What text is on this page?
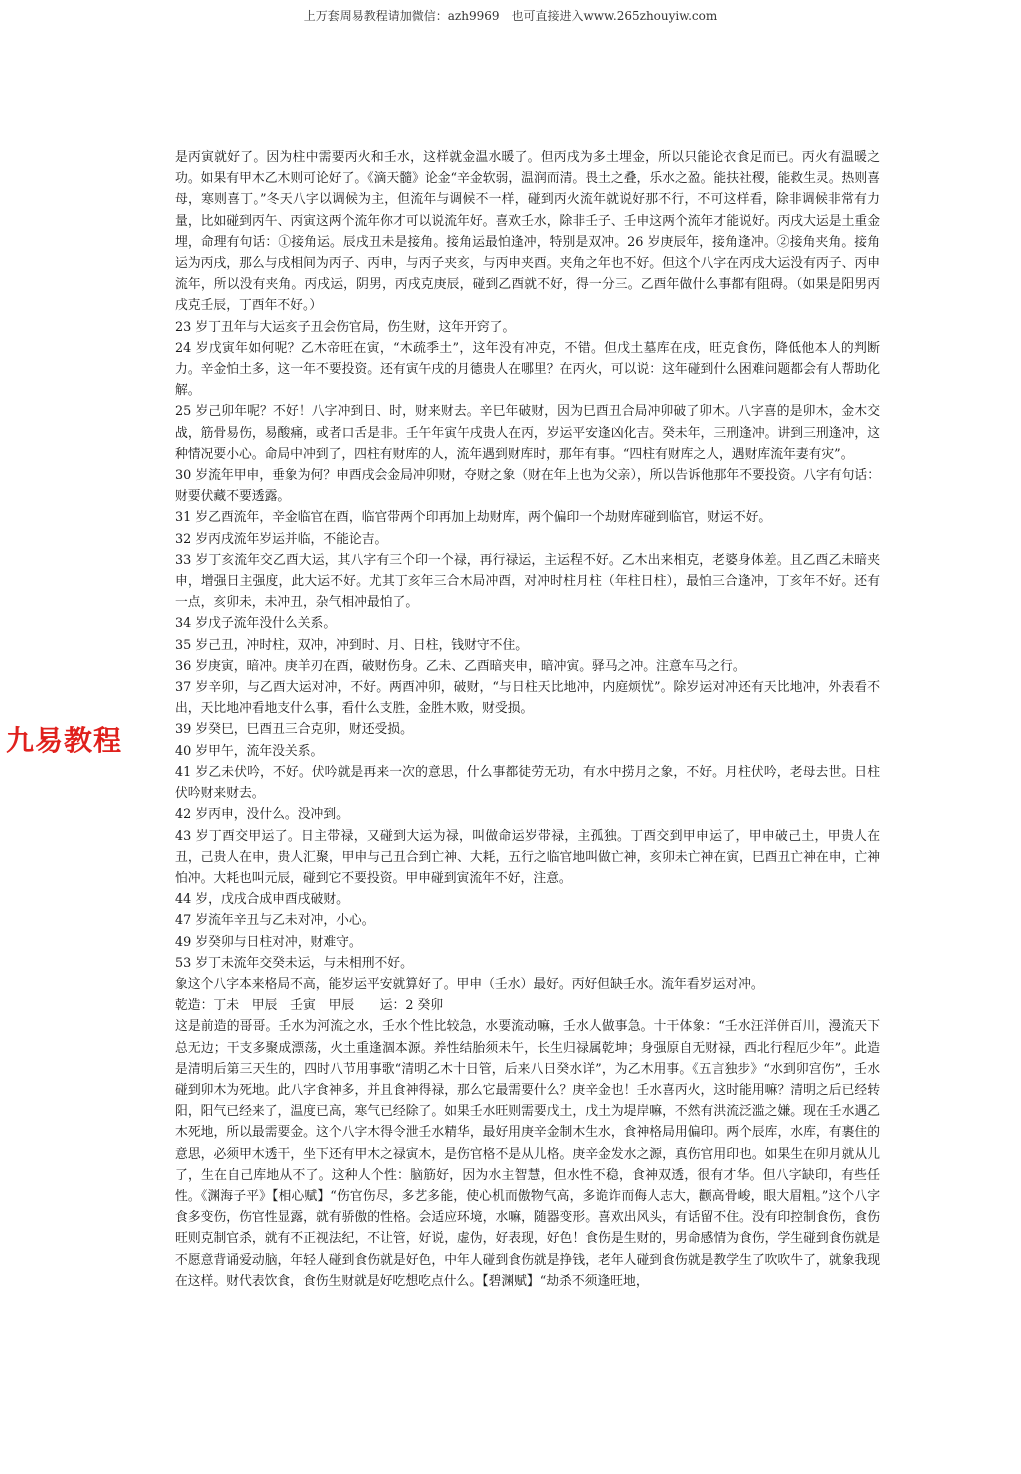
上万套周易教程请加微信：azh9969　也可直接进入www.265zhouyiw.com
九易教程

是丙寅就好了。因为柱中需要丙火和壬水，这样就金温水暖了。但丙戌为多土埋金，所以只能论衣食足而已。丙火有温暖之功。如果有甲木乙木则可论好了。《滴天髓》论金“辛金软弱，温润而清。畏土之叠，乐水之盈。能扶社稷，能救生灵。热则喜母，寒则喜丁。”冬天八字以调候为主，但流年与调候不一样，碰到丙火流年就说好那不行，不可这样看，除非调候非常有力量，比如碰到丙午、丙寅这两个流年你才可以说流年好。喜欢壬水，除非壬子、壬申这两个流年才能说好。丙戌大运是土重金埋，命理有句话：①接角运。辰戌丑未是接角。接角运最怕逢冲，特别是双冲。26 岁庚辰年，接角逢冲。②接角夹角。接角运为丙戌，那么与戌相间为丙子、丙申，与丙子夹亥，与丙申夹酉。夹角之年也不好。但这个八字在丙戌大运没有丙子、丙申流年，所以没有夹角。丙戌运，阴男，丙戌克庚辰，碰到乙酉就不好，得一分三。乙酉年做什么事都有阻碍。（如果是阳男丙戌克壬辰，丁酉年不好。）

23 岁丁丑年与大运亥子丑会伤官局，伤生财，这年开窍了。

24 岁戊寅年如何呢？乙木帝旺在寅，“木疏季土”，这年没有冲克，不错。但戊土墓库在戌，旺克食伤，降低他本人的判断力。辛金怕土多，这一年不要投资。还有寅午戌的月德贵人在哪里？在丙火，可以说：这年碰到什么困难问题都会有人帮助化解。

25 岁己卯年呢？不好！八字冲到日、时，财来财去。辛巳年破财，因为巳酉丑合局冲卯破了卯木。八字喜的是卯木，金木交战，筋骨易伤，易酸痛，或者口舌是非。壬午年寅午戌贵人在丙，岁运平安逢凶化吉。癸未年，三刑逢冲。讲到三刑逢冲，这种情况要小心。命局中冲到了，四柱有财库的人，流年遇到财库时，那年有事。“四柱有财库之人，遇财库流年妻有灾”。

30 岁流年甲申，垂象为何？申酉戌会金局冲卯财，夺财之象（财在年上也为父亲），所以告诉他那年不要投资。八字有句话：财要伏藏不要透露。

31 岁乙酉流年，辛金临官在酉，临官带两个印再加上劫财库，两个偏印一个劫财库碰到临官，财运不好。

32 岁丙戌流年岁运并临，不能论吉。

33 岁丁亥流年交乙酉大运，其八字有三个印一个禄，再行禄运，主运程不好。乙木出来相克，老婆身体差。且乙酉乙未暗夹申，增强日主强度，此大运不好。尤其丁亥年三合木局冲酉，对冲时柱月柱（年柱日柱），最怕三合逢冲，丁亥年不好。还有一点，亥卯未，未冲丑，杂气相冲最怕了。

34 岁戊子流年没什么关系。

35 岁己丑，冲时柱，双冲，冲到时、月、日柱，钱财守不住。

36 岁庚寅，暗冲。庚羊刃在酉，破财伤身。乙未、乙酉暗夹申，暗冲寅。驿马之冲。注意车马之行。

37 岁辛卯，与乙酉大运对冲，不好。两酉冲卯，破财，“与日柱天比地冲，内庭烦忧”。除岁运对冲还有天比地冲，外表看不出，天比地冲看地支什么事，看什么支胜，金胜木败，财受损。

39 岁癸巳，巳酉丑三合克卯，财还受损。

40 岁甲午，流年没关系。

41 岁乙未伏吟，不好。伏吟就是再来一次的意思，什么事都徒劳无功，有水中捞月之象，不好。月柱伏吟，老母去世。日柱伏吟财来财去。

42 岁丙申，没什么。没冲到。

43 岁丁酉交甲运了。日主带禄，又碰到大运为禄，叫做命运岁带禄，主孤独。丁酉交到甲申运了，甲申破己土，甲贵人在丑，己贵人在申，贵人汇聚，甲申与己丑合到亡神、大耗，五行之临官地叫做亡神，亥卯未亡神在寅，巳酉丑亡神在申，亡神怕冲。大耗也叫元辰，碰到它不要投资。甲申碰到寅流年不好，注意。

44 岁，戊戌合成申酉戌破财。

47 岁流年辛丑与乙未对冲，小心。

49 岁癸卯与日柱对冲，财难守。

53 岁丁未流年交癸未运，与未相刑不好。

象这个八字本来格局不高，能岁运平安就算好了。甲申（壬水）最好。丙好但缺壬水。流年看岁运对冲。

乾造：丁未　甲辰　壬寅　甲辰　　运：2 癸卯

这是前造的哥哥。壬水为河流之水，壬水个性比较急，水要流动嘛，壬水人做事急。十干体象：“壬水汪洋併百川，漫流天下总无边；干支多聚成漂荡，火土重逢涸本源。养性结胎须未午，长生归禄属乾坤；身强原自无财禄，西北行程厄少年”。此造是清明后第三天生的，四时八节用事歌“清明乙木十日管，后来八日癸水详”，为乙木用事。《五言独步》“水到卯宫伤”，壬水碰到卯木为死地。此八字食神多，并且食神得禄，那么它最需要什么？庚辛金也！壬水喜丙火，这时能用嘛？清明之后已经转阳，阳气已经来了，温度已高，寒气已经除了。如果壬水旺则需要戊土，戊土为堤岸嘛，不然有洪流泛滥之嫌。现在壬水遇乙木死地，所以最需要金。这个八字木得令泄壬水精华，最好用庚辛金制木生水，食神格局用偏印。两个辰库，水库，有裹住的意思，必须甲木透干，坐下还有甲木之禄寅木，是伤官格不是从儿格。庚辛金发水之源，真伤官用印也。如果生在卯月就从儿了，生在自己库地从不了。这种人个性：脑筋好，因为水主智慧，但水性不稳，食神双透，很有才华。但八字缺印，有些任性。《渊海子平》【相心赋】“伤官伤尽，多艺多能，使心机而傲物气高，多诡诈而侮人志大，颧高骨峻，眼大眉粗。”这个八字食多变伤，伤官性显露，就有骄傲的性格。会适应环境，水嘛，随器变形。喜欢出风头，有话留不住。没有印控制食伤，食伤旺则克制官杀，就有不正视法纪，不让管，好说，虚伪，好表现，好色！食伤是生财的，男命感情为食伤，学生碰到食伤就是不愿意背诵爱动脑，年轻人碰到食伤就是好色，中年人碰到食伤就是挣钱，老年人碰到食伤就是教学生了吹吹牛了，就象我现在这样。财代表饮食，食伤生财就是好吃想吃点什么。【碧渊赋】“劫杀不须逢旺地，
